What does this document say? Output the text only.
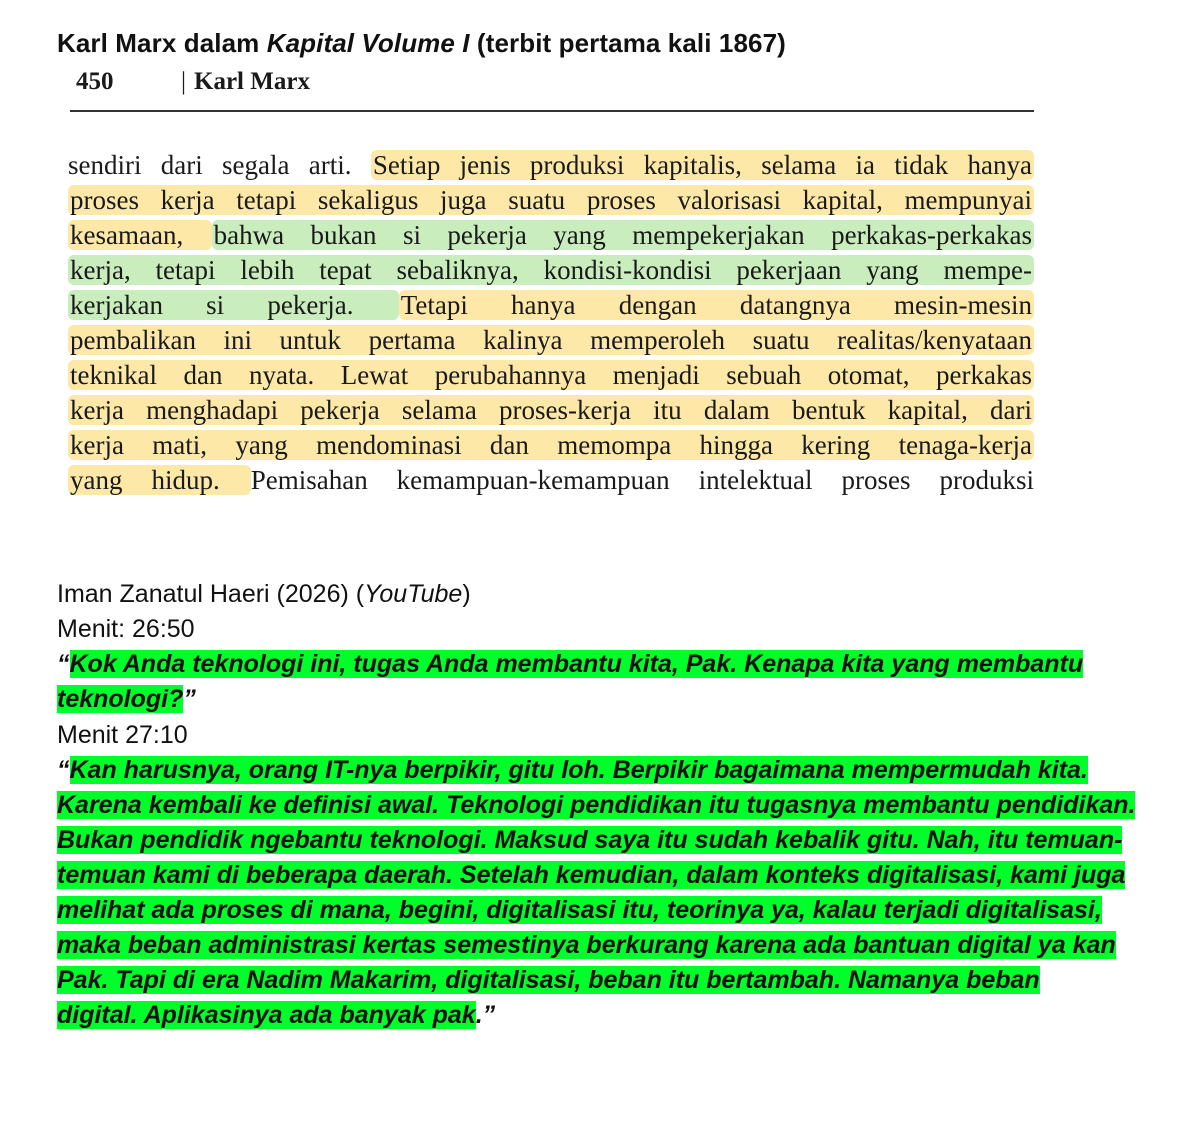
Karl Marx dalam Kapital Volume I (terbit pertama kali 1867)
450
|	Karl Marx
sendiri dari segala arti. Setiap jenis produksi kapitalis, selama ia tidak hanya
proses kerja tetapi sekaligus juga suatu proses valorisasi kapital, mempunyai
kesamaan, bahwa bukan si pekerja yang mempekerjakan perkakas-perkakas
kerja, tetapi lebih tepat sebaliknya, kondisi-kondisi pekerjaan yang mempe-
kerjakan si pekerja. Tetapi hanya dengan datangnya mesin-mesin
pembalikan ini untuk pertama kalinya memperoleh suatu realitas/kenyataan
teknikal dan nyata. Lewat perubahannya menjadi sebuah otomat, perkakas
kerja menghadapi pekerja selama proses-kerja itu dalam bentuk kapital, dari
kerja mati, yang mendominasi dan memompa hingga kering tenaga-kerja
yang hidup. Pemisahan kemampuan-kemampuan intelektual proses produksi
Iman Zanatul Haeri (2026) (YouTube)
Menit: 26:50
“Kok Anda teknologi ini, tugas Anda membantu kita, Pak. Kenapa kita yang membantu
teknologi?”
Menit 27:10
“Kan harusnya, orang IT-nya berpikir, gitu loh. Berpikir bagaimana mempermudah kita.
Karena kembali ke definisi awal. Teknologi pendidikan itu tugasnya membantu pendidikan.
Bukan pendidik ngebantu teknologi. Maksud saya itu sudah kebalik gitu. Nah, itu temuan-
temuan kami di beberapa daerah. Setelah kemudian, dalam konteks digitalisasi, kami juga
melihat ada proses di mana, begini, digitalisasi itu, teorinya ya, kalau terjadi digitalisasi,
maka beban administrasi kertas semestinya berkurang karena ada bantuan digital ya kan
Pak. Tapi di era Nadim Makarim, digitalisasi, beban itu bertambah. Namanya beban
digital. Aplikasinya ada banyak pak.”
